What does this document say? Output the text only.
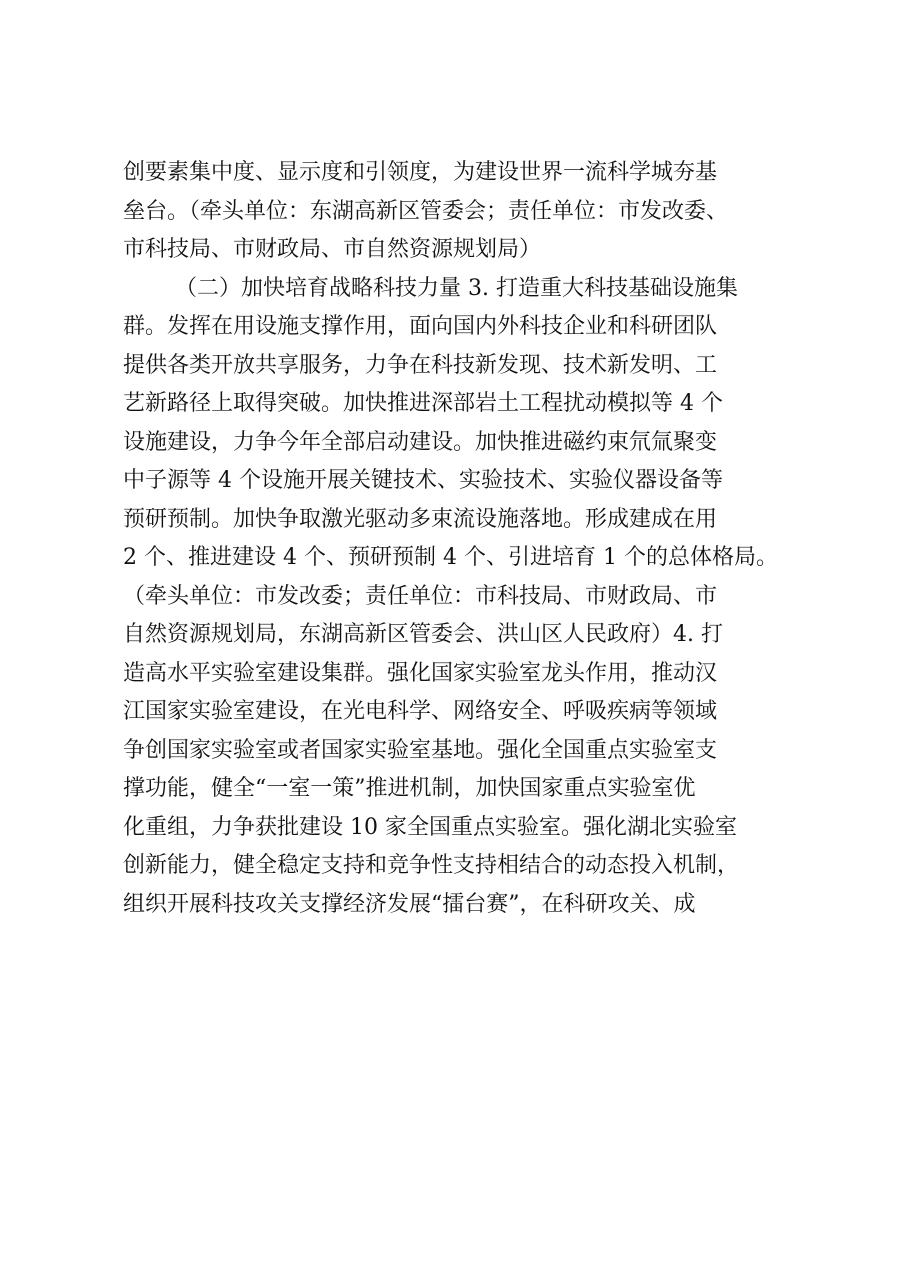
创要素集中度、显示度和引领度，为建设世界一流科学城夯基
垒台。（牵头单位：东湖高新区管委会；责任单位：市发改委、
市科技局、市财政局、市自然资源规划局）
（二）加快培育战略科技力量 3. 打造重大科技基础设施集
群。发挥在用设施支撑作用，面向国内外科技企业和科研团队
提供各类开放共享服务，力争在科技新发现、技术新发明、工
艺新路径上取得突破。加快推进深部岩土工程扰动模拟等 4 个
设施建设，力争今年全部启动建设。加快推进磁约束氘氚聚变
中子源等 4 个设施开展关键技术、实验技术、实验仪器设备等
预研预制。加快争取激光驱动多束流设施落地。形成建成在用
2 个、推进建设 4 个、预研预制 4 个、引进培育 1 个的总体格局。
（牵头单位：市发改委；责任单位：市科技局、市财政局、市
自然资源规划局，东湖高新区管委会、洪山区人民政府）4. 打
造高水平实验室建设集群。强化国家实验室龙头作用，推动汉
江国家实验室建设，在光电科学、网络安全、呼吸疾病等领域
争创国家实验室或者国家实验室基地。强化全国重点实验室支
撑功能，健全“一室一策”推进机制，加快国家重点实验室优
化重组，力争获批建设 10 家全国重点实验室。强化湖北实验室
创新能力，健全稳定支持和竞争性支持相结合的动态投入机制，
组织开展科技攻关支撑经济发展“擂台赛”，在科研攻关、成
